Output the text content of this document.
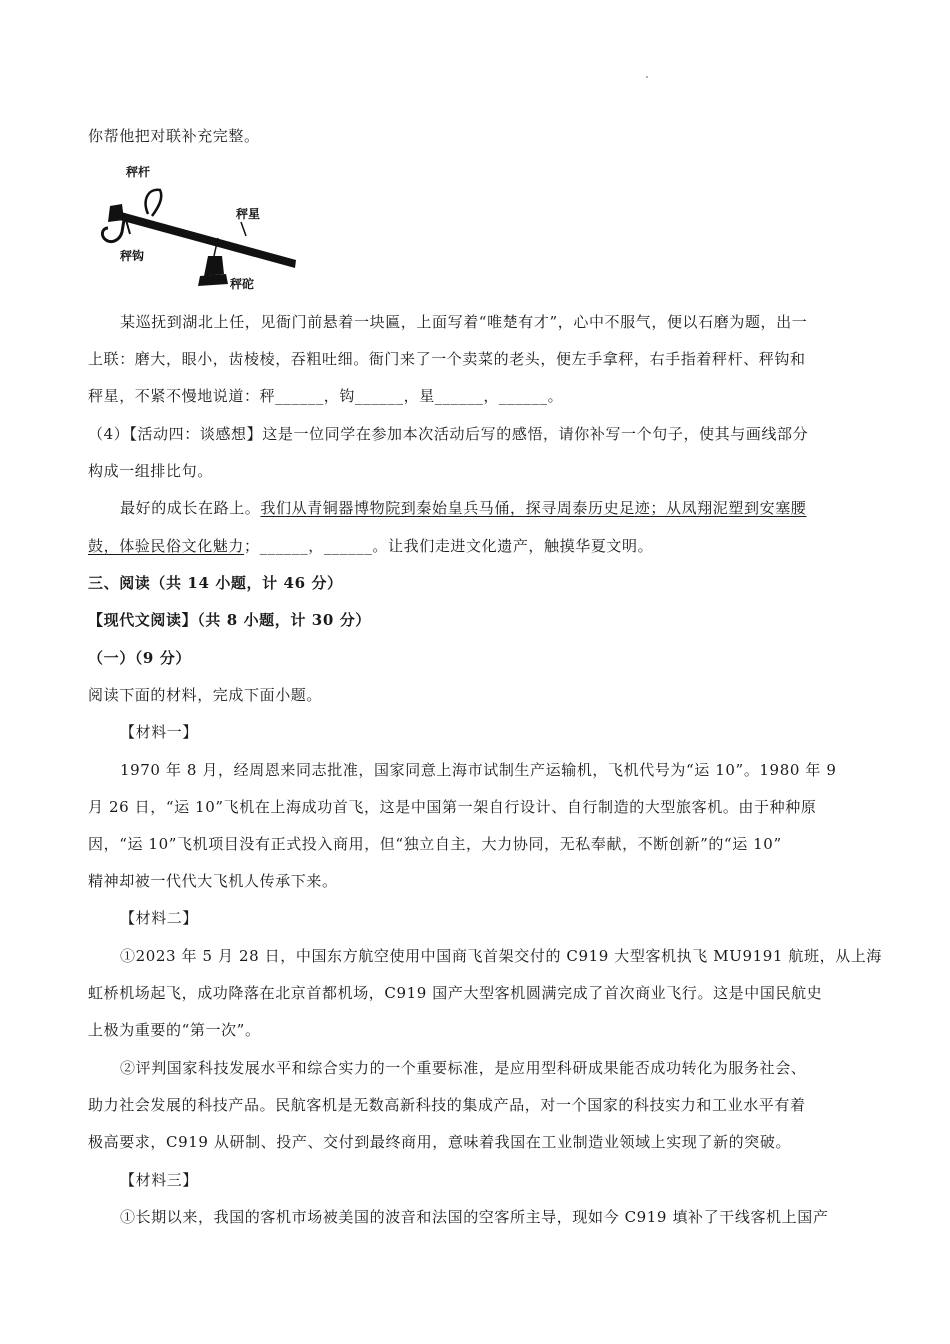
你帮他把对联补充完整。
秤杆
秤星
秤钩
秤砣
某巡抚到湖北上任，见衙门前悬着一块匾，上面写着“唯楚有才”，心中不服气，便以石磨为题，出一
上联：磨大，眼小，齿棱棱，吞粗吐细。衙门来了一个卖菜的老头，便左手拿秤，右手指着秤杆、秤钩和
秤星，不紧不慢地说道：秤______，钩______，星______，______。
（4）【活动四：谈感想】这是一位同学在参加本次活动后写的感悟，请你补写一个句子，使其与画线部分
构成一组排比句。
最好的成长在路上。我们从青铜器博物院到秦始皇兵马俑，探寻周泰历史足迹；从凤翔泥塑到安塞腰
鼓，体验民俗文化魅力；______，______。让我们走进文化遗产，触摸华夏文明。
三、阅读（共 14 小题，计 46 分）
【现代文阅读】（共 8 小题，计 30 分）
（一）（9 分）
阅读下面的材料，完成下面小题。
【材料一】
1970 年 8 月，经周恩来同志批准，国家同意上海市试制生产运输机，飞机代号为“运 10”。1980 年 9
月 26 日，“运 10”飞机在上海成功首飞，这是中国第一架自行设计、自行制造的大型旅客机。由于种种原
因，“运 10”飞机项目没有正式投入商用，但“独立自主，大力协同，无私奉献，不断创新”的“运 10”
精神却被一代代大飞机人传承下来。
【材料二】
①2023 年 5 月 28 日，中国东方航空使用中国商飞首架交付的 C919 大型客机执飞 MU9191 航班，从上海
虹桥机场起飞，成功降落在北京首都机场，C919 国产大型客机圆满完成了首次商业飞行。这是中国民航史
上极为重要的“第一次”。
②评判国家科技发展水平和综合实力的一个重要标准，是应用型科研成果能否成功转化为服务社会、
助力社会发展的科技产品。民航客机是无数高新科技的集成产品，对一个国家的科技实力和工业水平有着
极高要求，C919 从研制、投产、交付到最终商用，意味着我国在工业制造业领域上实现了新的突破。
【材料三】
①长期以来，我国的客机市场被美国的波音和法国的空客所主导，现如今 C919 填补了干线客机上国产
